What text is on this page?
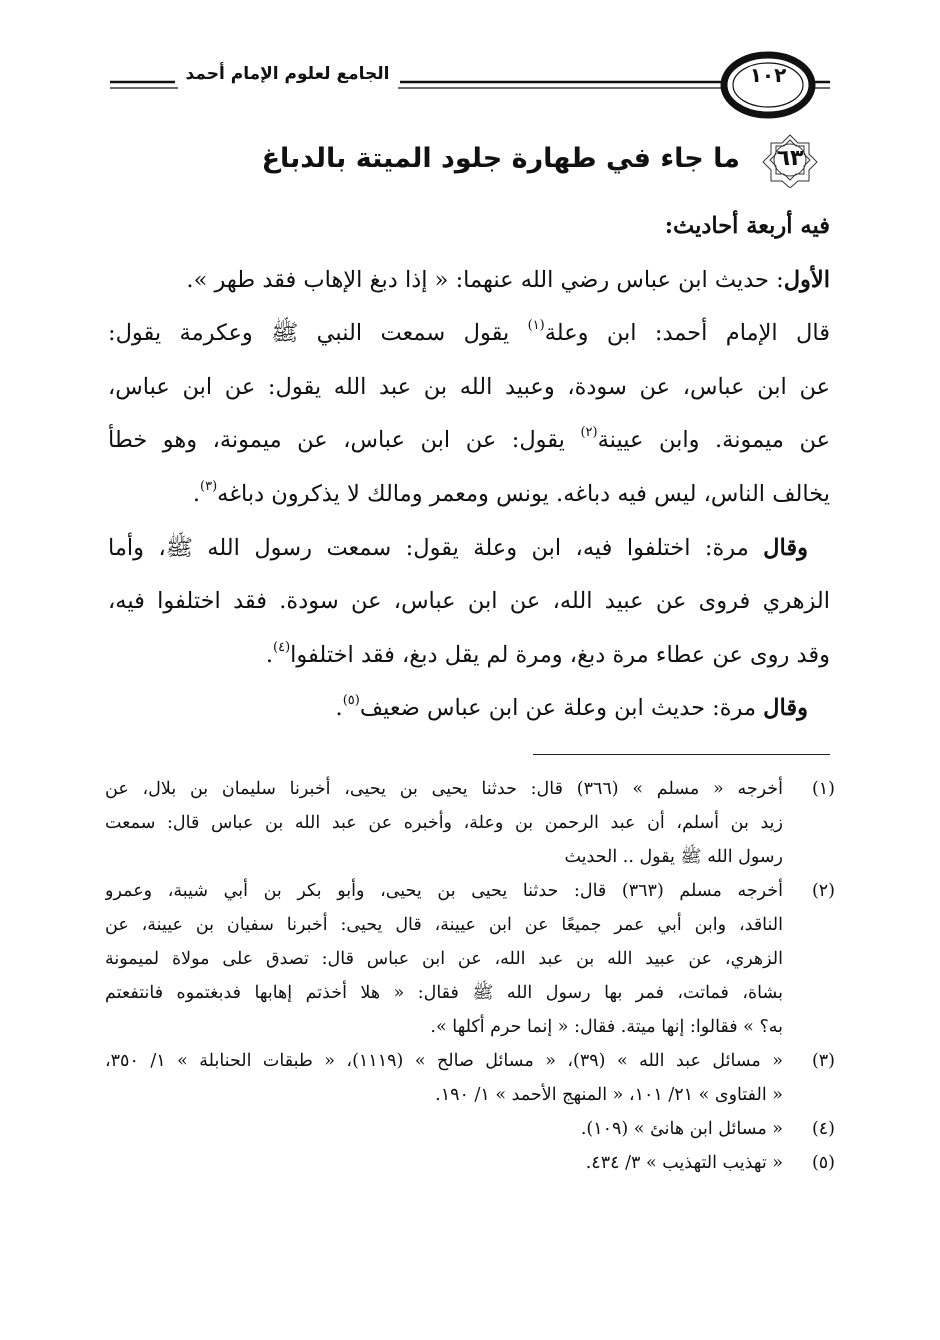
الجامع لعلوم الإمام أحمد	١٠٢
٦٣
ما جاء في طهارة جلود الميتة بالدباغ
فيه أربعة أحاديث:
الأول: حديث ابن عباس رضي الله عنهما: « إذا دبغ الإهاب فقد طهر ».
قال الإمام أحمد: ابن وعلة$^{(١)}$ يقول سمعت النبي ﷺ وعكرمة يقول:
عن ابن عباس، عن سودة، وعبيد الله بن عبد الله يقول: عن ابن عباس،
عن ميمونة. وابن عيينة$^{(٢)}$ يقول: عن ابن عباس، عن ميمونة، وهو خطأ
يخالف الناس، ليس فيه دباغه. يونس ومعمر ومالك لا يذكرون دباغه$^{(٣)}$.
وقال مرة: اختلفوا فيه، ابن وعلة يقول: سمعت رسول الله ﷺ، وأما
الزهري فروى عن عبيد الله، عن ابن عباس، عن سودة. فقد اختلفوا فيه،
وقد روى عن عطاء مرة دبغ، ومرة لم يقل دبغ، فقد اختلفوا$^{(٤)}$.
وقال مرة: حديث ابن وعلة عن ابن عباس ضعيف$^{(٥)}$.
(١)
أخرجه « مسلم » (٣٦٦) قال: حدثنا يحيى بن يحيى، أخبرنا سليمان بن بلال، عن
زيد بن أسلم، أن عبد الرحمن بن وعلة، وأخبره عن عبد الله بن عباس قال: سمعت
رسول الله ﷺ يقول .. الحديث
(٢)
أخرجه مسلم (٣٦٣) قال: حدثنا يحيى بن يحيى، وأبو بكر بن أبي شيبة، وعمرو
الناقد، وابن أبي عمر جميعًا عن ابن عيينة، قال يحيى: أخبرنا سفيان بن عيينة، عن
الزهري، عن عبيد الله بن عبد الله، عن ابن عباس قال: تصدق على مولاة لميمونة
بشاة، فماتت، فمر بها رسول الله ﷺ فقال: « هلا أخذتم إهابها فدبغتموه فانتفعتم
به؟ » فقالوا: إنها ميتة. فقال: « إنما حرم أكلها ».
(٣)
« مسائل عبد الله » (٣٩)، « مسائل صالح » (١١١٩)، « طبقات الحنابلة » ١/ ٣٥٠،
« الفتاوى » ٢١/ ١٠١، « المنهج الأحمد » ١/ ١٩٠.
(٤)
« مسائل ابن هانئ » (١٠٩).
(٥)
« تهذيب التهذيب » ٣/ ٤٣٤.
